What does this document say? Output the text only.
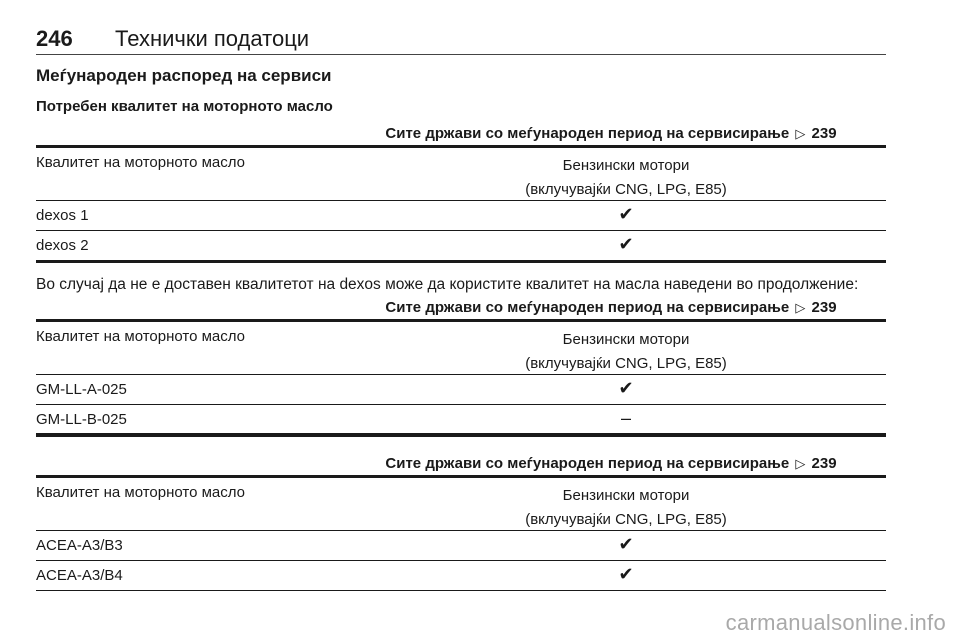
246 Технички податоци
Меѓународен распоред на сервиси
Потребен квалитет на моторното масло
Сите држави со меѓународен период на сервисирање ▷ 239
Квалитет на моторното масло	Бензински мотори
(вклучувајќи CNG, LPG, E85)
dexos 1	✔
dexos 2	✔
Во случај да не е доставен квалитетот на dexos може да користите квалитет на масла наведени во продолжение:
Сите држави со меѓународен период на сервисирање ▷ 239
Квалитет на моторното масло	Бензински мотори
(вклучувајќи CNG, LPG, E85)
GM-LL-A-025	✔
GM-LL-B-025	–
Сите држави со меѓународен период на сервисирање ▷ 239
Квалитет на моторното масло	Бензински мотори
(вклучувајќи CNG, LPG, E85)
ACEA-A3/B3	✔
ACEA-A3/B4	✔
carmanualsonline.info
